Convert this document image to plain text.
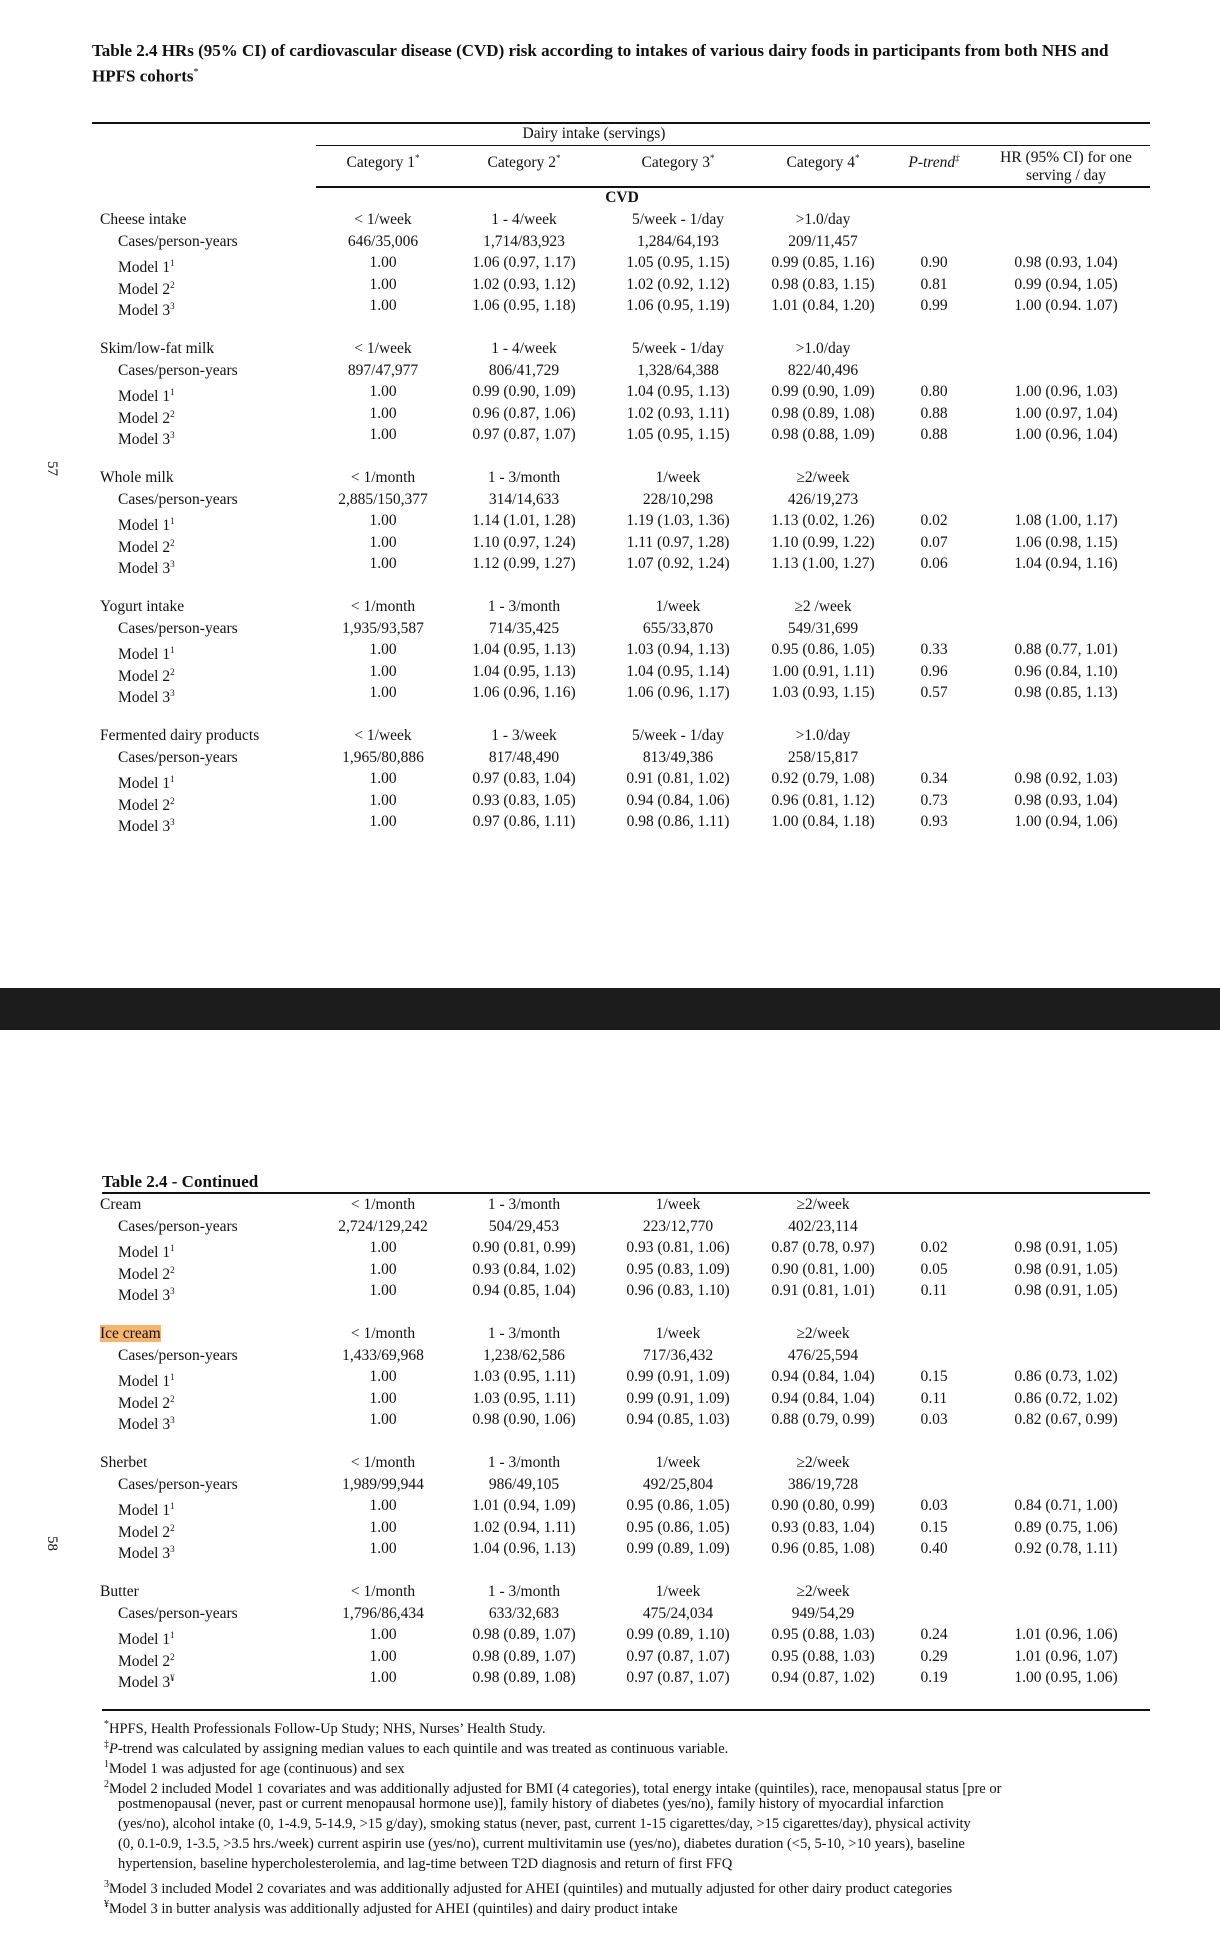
57
58
Table 2.4 HRs (95% CI) of cardiovascular disease (CVD) risk according to intakes of various dairy foods in participants from both NHS and HPFS cohorts*
Dairy intake (servings)
Category 1*	Category 2*	Category 3*	Category 4*	P-trend‡	HR (95% CI) for one
serving / day
CVD
Cheese intake	< 1/week	1 - 4/week	5/week - 1/day	>1.0/day
Cases/person-years	646/35,006	1,714/83,923	1,284/64,193	209/11,457
Model $1^1$	1.00	1.06 (0.97, 1.17)	1.05 (0.95, 1.15)	0.99 (0.85, 1.16)	0.90	0.98 (0.93, 1.04)
Model $2^2$	1.00	1.02 (0.93, 1.12)	1.02 (0.92, 1.12)	0.98 (0.83, 1.15)	0.81	0.99 (0.94, 1.05)
Model $3^3$	1.00	1.06 (0.95, 1.18)	1.06 (0.95, 1.19)	1.01 (0.84, 1.20)	0.99	1.00 (0.94. 1.07)
Skim/low-fat milk	< 1/week	1 - 4/week	5/week - 1/day	>1.0/day
Cases/person-years	897/47,977	806/41,729	1,328/64,388	822/40,496
Model $1^1$	1.00	0.99 (0.90, 1.09)	1.04 (0.95, 1.13)	0.99 (0.90, 1.09)	0.80	1.00 (0.96, 1.03)
Model $2^2$	1.00	0.96 (0.87, 1.06)	1.02 (0.93, 1.11)	0.98 (0.89, 1.08)	0.88	1.00 (0.97, 1.04)
Model $3^3$	1.00	0.97 (0.87, 1.07)	1.05 (0.95, 1.15)	0.98 (0.88, 1.09)	0.88	1.00 (0.96, 1.04)
Whole milk	< 1/month	1 - 3/month	1/week	≥2/week
Cases/person-years	2,885/150,377	314/14,633	228/10,298	426/19,273
Model $1^1$	1.00	1.14 (1.01, 1.28)	1.19 (1.03, 1.36)	1.13 (0.02, 1.26)	0.02	1.08 (1.00, 1.17)
Model $2^2$	1.00	1.10 (0.97, 1.24)	1.11 (0.97, 1.28)	1.10 (0.99, 1.22)	0.07	1.06 (0.98, 1.15)
Model $3^3$	1.00	1.12 (0.99, 1.27)	1.07 (0.92, 1.24)	1.13 (1.00, 1.27)	0.06	1.04 (0.94, 1.16)
Yogurt intake	< 1/month	1 - 3/month	1/week	≥2 /week
Cases/person-years	1,935/93,587	714/35,425	655/33,870	549/31,699
Model $1^1$	1.00	1.04 (0.95, 1.13)	1.03 (0.94, 1.13)	0.95 (0.86, 1.05)	0.33	0.88 (0.77, 1.01)
Model $2^2$	1.00	1.04 (0.95, 1.13)	1.04 (0.95, 1.14)	1.00 (0.91, 1.11)	0.96	0.96 (0.84, 1.10)
Model $3^3$	1.00	1.06 (0.96, 1.16)	1.06 (0.96, 1.17)	1.03 (0.93, 1.15)	0.57	0.98 (0.85, 1.13)
Fermented dairy products	< 1/week	1 - 3/week	5/week - 1/day	>1.0/day
Cases/person-years	1,965/80,886	817/48,490	813/49,386	258/15,817
Model $1^1$	1.00	0.97 (0.83, 1.04)	0.91 (0.81, 1.02)	0.92 (0.79, 1.08)	0.34	0.98 (0.92, 1.03)
Model $2^2$	1.00	0.93 (0.83, 1.05)	0.94 (0.84, 1.06)	0.96 (0.81, 1.12)	0.73	0.98 (0.93, 1.04)
Model $3^3$	1.00	0.97 (0.86, 1.11)	0.98 (0.86, 1.11)	1.00 (0.84, 1.18)	0.93	1.00 (0.94, 1.06)
Cream	< 1/month	1 - 3/month	1/week	≥2/week
Cases/person-years	2,724/129,242	504/29,453	223/12,770	402/23,114
Model $1^1$	1.00	0.90 (0.81, 0.99)	0.93 (0.81, 1.06)	0.87 (0.78, 0.97)	0.02	0.98 (0.91, 1.05)
Model $2^2$	1.00	0.93 (0.84, 1.02)	0.95 (0.83, 1.09)	0.90 (0.81, 1.00)	0.05	0.98 (0.91, 1.05)
Model $3^3$	1.00	0.94 (0.85, 1.04)	0.96 (0.83, 1.10)	0.91 (0.81, 1.01)	0.11	0.98 (0.91, 1.05)
Ice cream	< 1/month	1 - 3/month	1/week	≥2/week
Cases/person-years	1,433/69,968	1,238/62,586	717/36,432	476/25,594
Model $1^1$	1.00	1.03 (0.95, 1.11)	0.99 (0.91, 1.09)	0.94 (0.84, 1.04)	0.15	0.86 (0.73, 1.02)
Model $2^2$	1.00	1.03 (0.95, 1.11)	0.99 (0.91, 1.09)	0.94 (0.84, 1.04)	0.11	0.86 (0.72, 1.02)
Model $3^3$	1.00	0.98 (0.90, 1.06)	0.94 (0.85, 1.03)	0.88 (0.79, 0.99)	0.03	0.82 (0.67, 0.99)
Sherbet	< 1/month	1 - 3/month	1/week	≥2/week
Cases/person-years	1,989/99,944	986/49,105	492/25,804	386/19,728
Model $1^1$	1.00	1.01 (0.94, 1.09)	0.95 (0.86, 1.05)	0.90 (0.80, 0.99)	0.03	0.84 (0.71, 1.00)
Model $2^2$	1.00	1.02 (0.94, 1.11)	0.95 (0.86, 1.05)	0.93 (0.83, 1.04)	0.15	0.89 (0.75, 1.06)
Model $3^3$	1.00	1.04 (0.96, 1.13)	0.99 (0.89, 1.09)	0.96 (0.85, 1.08)	0.40	0.92 (0.78, 1.11)
Butter	< 1/month	1 - 3/month	1/week	≥2/week
Cases/person-years	1,796/86,434	633/32,683	475/24,034	949/54,29
Model $1^1$	1.00	0.98 (0.89, 1.07)	0.99 (0.89, 1.10)	0.95 (0.88, 1.03)	0.24	1.01 (0.96, 1.06)
Model $2^2$	1.00	0.98 (0.89, 1.07)	0.97 (0.87, 1.07)	0.95 (0.88, 1.03)	0.29	1.01 (0.96, 1.07)
Model 3¥	1.00	0.98 (0.89, 1.08)	0.97 (0.87, 1.07)	0.94 (0.87, 1.02)	0.19	1.00 (0.95, 1.06)
Table 2.4 - Continued
*HPFS, Health Professionals Follow-Up Study; NHS, Nurses’ Health Study.
‡P-trend was calculated by assigning median values to each quintile and was treated as continuous variable.
$^1$Model 1 was adjusted for age (continuous) and sex
$^2$Model 2 included Model 1 covariates and was additionally adjusted for BMI (4 categories), total energy intake (quintiles), race, menopausal status [pre or
postmenopausal (never, past or current menopausal hormone use)], family history of diabetes (yes/no), family history of myocardial infarction
(yes/no), alcohol intake (0, 1-4.9, 5-14.9, >15 g/day), smoking status (never, past, current 1-15 cigarettes/day, >15 cigarettes/day), physical activity
(0, 0.1-0.9, 1-3.5, >3.5 hrs./week) current aspirin use (yes/no), current multivitamin use (yes/no), diabetes duration (<5, 5-10, >10 years), baseline
hypertension, baseline hypercholesterolemia, and lag-time between T2D diagnosis and return of first FFQ
$^3$Model 3 included Model 2 covariates and was additionally adjusted for AHEI (quintiles) and mutually adjusted for other dairy product categories
¥Model 3 in butter analysis was additionally adjusted for AHEI (quintiles) and dairy product intake
